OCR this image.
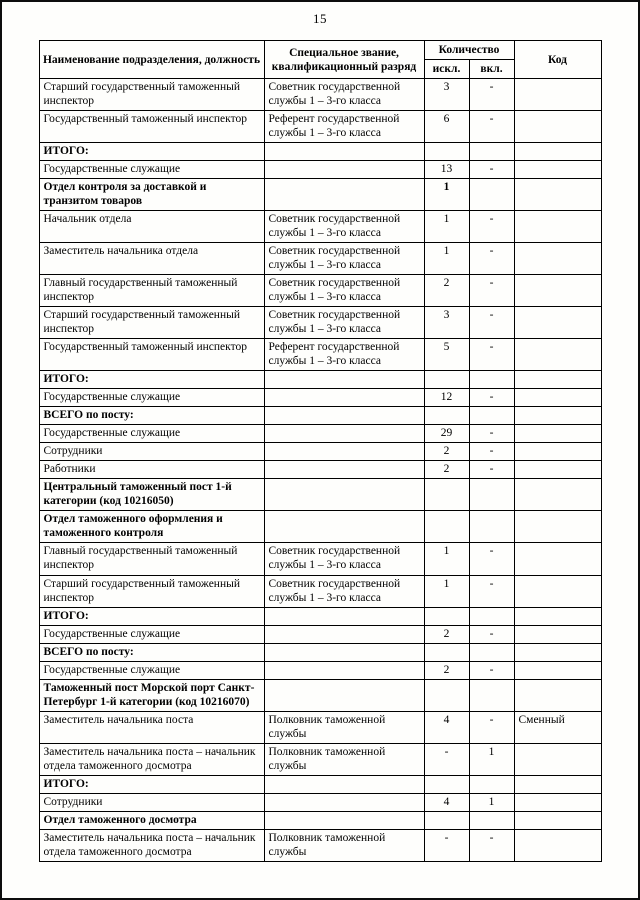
15
Наименование подразделения, должность	Специальное звание, квалификационный разряд	Количество		Код
		искл.	вкл.	
Старший государственный таможенный инспектор	Советник государственной службы 1 – 3-го класса	3	-	
Государственный таможенный инспектор	Референт государственной службы 1 – 3-го класса	6	-	
ИТОГО:				
Государственные служащие		13	-	
Отдел контроля за доставкой и транзитом товаров		1		
Начальник отдела	Советник государственной службы 1 – 3-го класса	1	-	
Заместитель начальника отдела	Советник государственной службы 1 – 3-го класса	1	-	
Главный государственный таможенный инспектор	Советник государственной службы 1 – 3-го класса	2	-	
Старший государственный таможенный инспектор	Советник государственной службы 1 – 3-го класса	3	-	
Государственный таможенный инспектор	Референт государственной службы 1 – 3-го класса	5	-	
ИТОГО:				
Государственные служащие		12	-	
ВСЕГО по посту:				
Государственные служащие		29	-	
Сотрудники		2	-	
Работники		2	-	
Центральный таможенный пост 1-й категории (код 10216050)				
Отдел таможенного оформления и таможенного контроля				
Главный государственный таможенный инспектор	Советник государственной службы 1 – 3-го класса	1	-	
Старший государственный таможенный инспектор	Советник государственной службы 1 – 3-го класса	1	-	
ИТОГО:				
Государственные служащие		2	-	
ВСЕГО по посту:				
Государственные служащие		2	-	
Таможенный пост Морской порт Санкт-Петербург 1-й категории (код 10216070)				
Заместитель начальника поста	Полковник таможенной службы	4	-	Сменный
Заместитель начальника поста – начальник отдела таможенного досмотра	Полковник таможенной службы	-	1	
ИТОГО:				
Сотрудники		4	1	
Отдел таможенного досмотра				
Заместитель начальника поста – начальник отдела таможенного досмотра	Полковник таможенной службы	-	-	
